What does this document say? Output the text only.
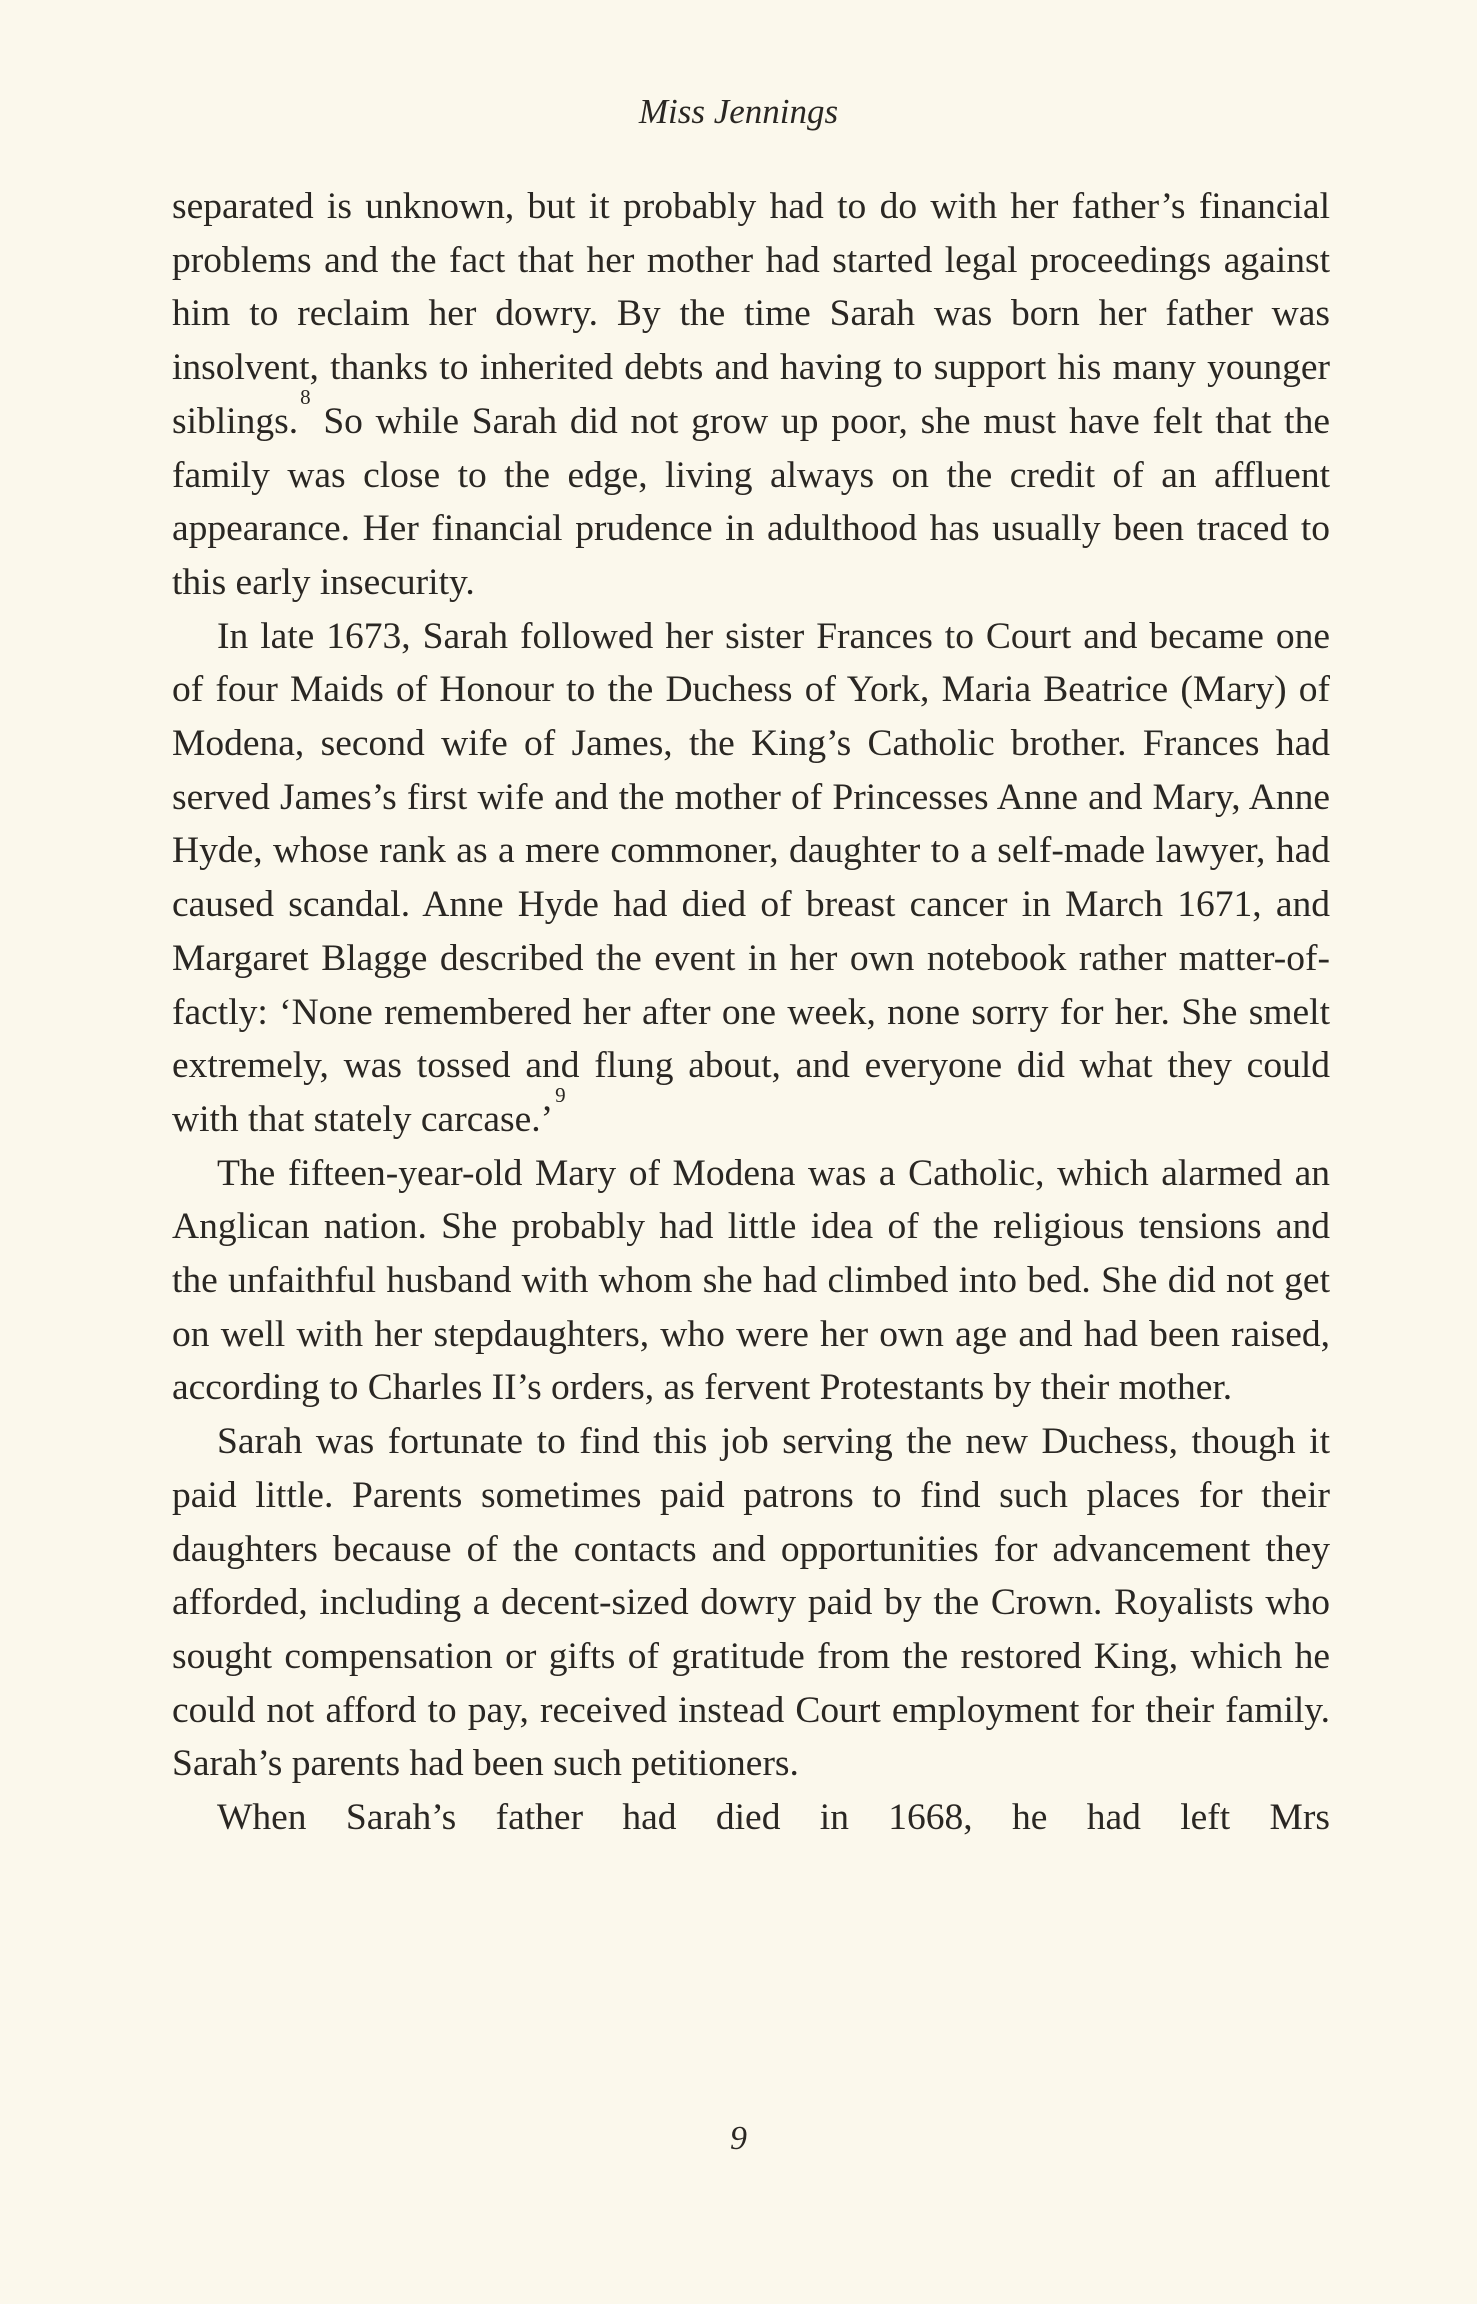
Miss Jennings

separated is unknown, but it probably had to do with her father’s financial problems and the fact that her mother had started legal proceedings against him to reclaim her dowry. By the time Sarah was born her father was insolvent, thanks to inherited debts and having to support his many younger siblings.$^8$ So while Sarah did not grow up poor, she must have felt that the family was close to the edge, living always on the credit of an affluent appearance. Her financial prudence in adulthood has usually been traced to this early insecurity.

In late 1673, Sarah followed her sister Frances to Court and became one of four Maids of Honour to the Duchess of York, Maria Beatrice (Mary) of Modena, second wife of James, the King’s Catholic brother. Frances had served James’s first wife and the mother of Princesses Anne and Mary, Anne Hyde, whose rank as a mere commoner, daughter to a self-made lawyer, had caused scandal. Anne Hyde had died of breast cancer in March 1671, and Margaret Blagge described the event in her own notebook rather matter-of-factly: ‘None remembered her after one week, none sorry for her. She smelt extremely, was tossed and flung about, and everyone did what they could with that stately carcase.’$^9$

The fifteen-year-old Mary of Modena was a Catholic, which alarmed an Anglican nation. She probably had little idea of the religious tensions and the unfaithful husband with whom she had climbed into bed. She did not get on well with her stepdaughters, who were her own age and had been raised, according to Charles II’s orders, as fervent Protestants by their mother.

Sarah was fortunate to find this job serving the new Duchess, though it paid little. Parents sometimes paid patrons to find such places for their daughters because of the contacts and opportunities for advancement they afforded, including a decent-sized dowry paid by the Crown. Royalists who sought compensation or gifts of gratitude from the restored King, which he could not afford to pay, received instead Court employment for their family. Sarah’s parents had been such petitioners.

When Sarah’s father had died in 1668, he had left Mrs

9
